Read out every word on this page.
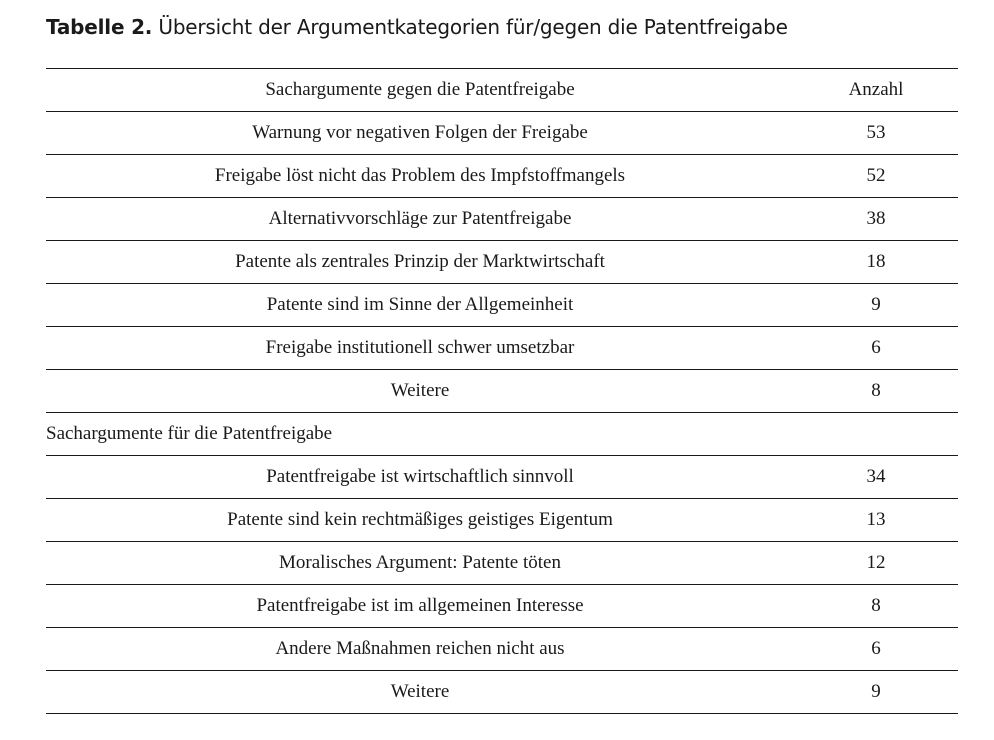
Tabelle 2. Übersicht der Argumentkategorien für/gegen die Patentfreigabe
Sachargumente gegen die Patentfreigabe	Anzahl
Warnung vor negativen Folgen der Freigabe	53
Freigabe löst nicht das Problem des Impfstoffmangels	52
Alternativvorschläge zur Patentfreigabe	38
Patente als zentrales Prinzip der Marktwirtschaft	18
Patente sind im Sinne der Allgemeinheit	9
Freigabe institutionell schwer umsetzbar	6
Weitere	8
Sachargumente für die Patentfreigabe	
Patentfreigabe ist wirtschaftlich sinnvoll	34
Patente sind kein rechtmäßiges geistiges Eigentum	13
Moralisches Argument: Patente töten	12
Patentfreigabe ist im allgemeinen Interesse	8
Andere Maßnahmen reichen nicht aus	6
Weitere	9
